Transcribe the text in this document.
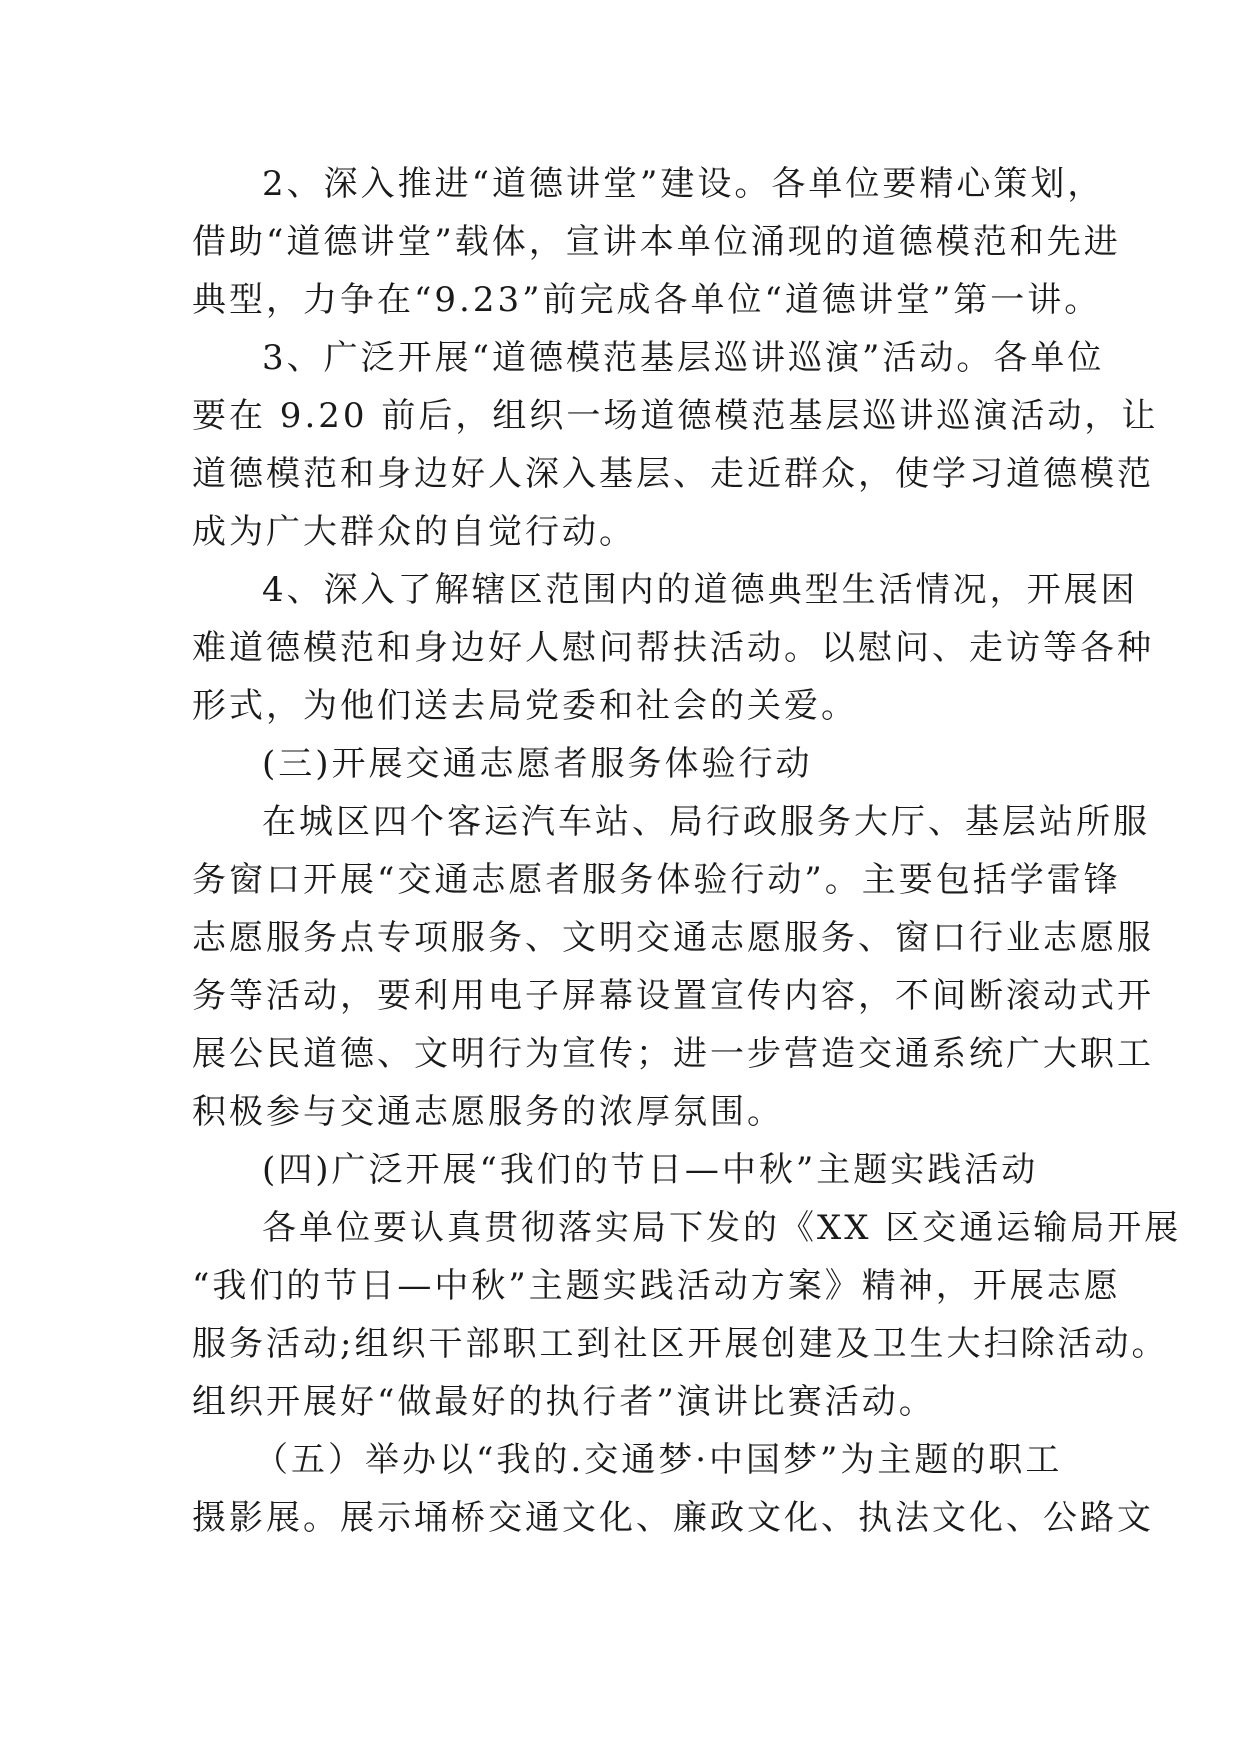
2、深入推进“道德讲堂”建设。各单位要精心策划，
借助“道德讲堂”载体，宣讲本单位涌现的道德模范和先进
典型，力争在“9.23”前完成各单位“道德讲堂”第一讲。
3、广泛开展“道德模范基层巡讲巡演”活动。各单位
要在 9.20 前后，组织一场道德模范基层巡讲巡演活动，让
道德模范和身边好人深入基层、走近群众，使学习道德模范
成为广大群众的自觉行动。
4、深入了解辖区范围内的道德典型生活情况，开展困
难道德模范和身边好人慰问帮扶活动。以慰问、走访等各种
形式，为他们送去局党委和社会的关爱。
(三)开展交通志愿者服务体验行动
在城区四个客运汽车站、局行政服务大厅、基层站所服
务窗口开展“交通志愿者服务体验行动”。主要包括学雷锋
志愿服务点专项服务、文明交通志愿服务、窗口行业志愿服
务等活动，要利用电子屏幕设置宣传内容，不间断滚动式开
展公民道德、文明行为宣传；进一步营造交通系统广大职工
积极参与交通志愿服务的浓厚氛围。
(四)广泛开展“我们的节日—中秋”主题实践活动
各单位要认真贯彻落实局下发的《XX 区交通运输局开展
“我们的节日—中秋”主题实践活动方案》精神，开展志愿
服务活动;组织干部职工到社区开展创建及卫生大扫除活动。
组织开展好“做最好的执行者”演讲比赛活动。
（五）举办以“我的.交通梦·中国梦”为主题的职工
摄影展。展示埇桥交通文化、廉政文化、执法文化、公路文
